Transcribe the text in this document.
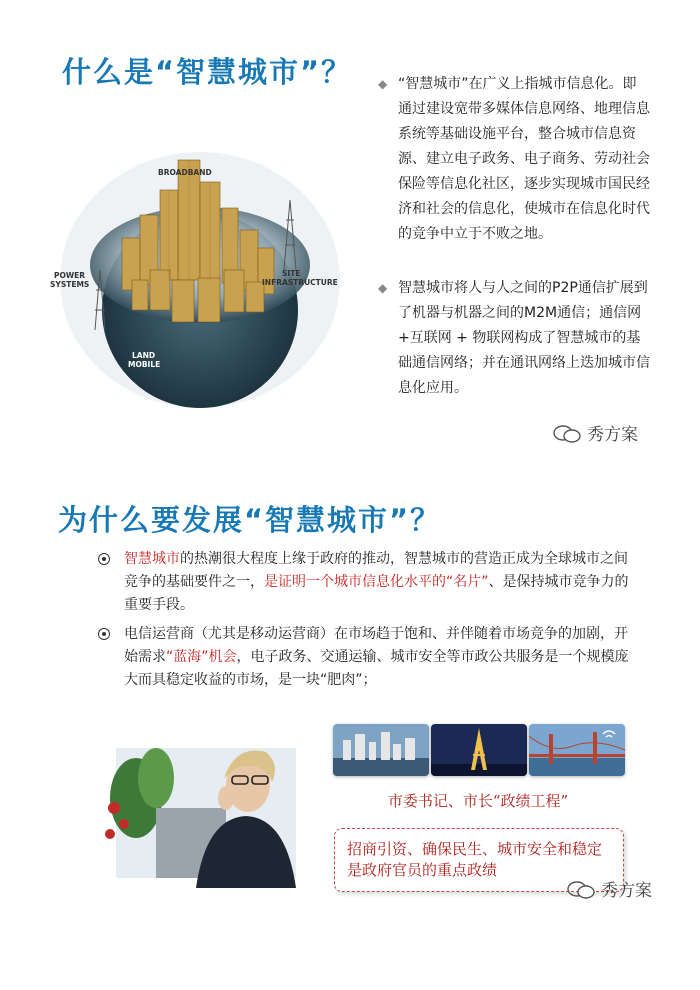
什么是“智慧城市”？
BROADBAND
POWER
SYSTEMS
SITE
INFRASTRUCTURE
LAND
MOBILE
◆ “智慧城市”在广义上指城市信息化。即通过建设宽带多媒体信息网络、地理信息系统等基础设施平台，整合城市信息资源、建立电子政务、电子商务、劳动社会保险等信息化社区，逐步实现城市国民经济和社会的信息化，使城市在信息化时代的竞争中立于不败之地。
◆ 智慧城市将人与人之间的P2P通信扩展到了机器与机器之间的M2M通信；通信网+互联网 + 物联网构成了智慧城市的基础通信网络；并在通讯网络上迭加城市信息化应用。
秀方案
为什么要发展“智慧城市”？
智慧城市的热潮很大程度上缘于政府的推动，智慧城市的营造正成为全球城市之间竞争的基础要件之一，是证明一个城市信息化水平的“名片”、是保持城市竞争力的重要手段。
电信运营商（尤其是移动运营商）在市场趋于饱和、并伴随着市场竞争的加剧，开始需求“蓝海”机会，电子政务、交通运输、城市安全等市政公共服务是一个规模庞大而具稳定收益的市场，是一块“肥肉”；
市委书记、市长“政绩工程”
招商引资、确保民生、城市安全和稳定
是政府官员的重点政绩
秀方案
